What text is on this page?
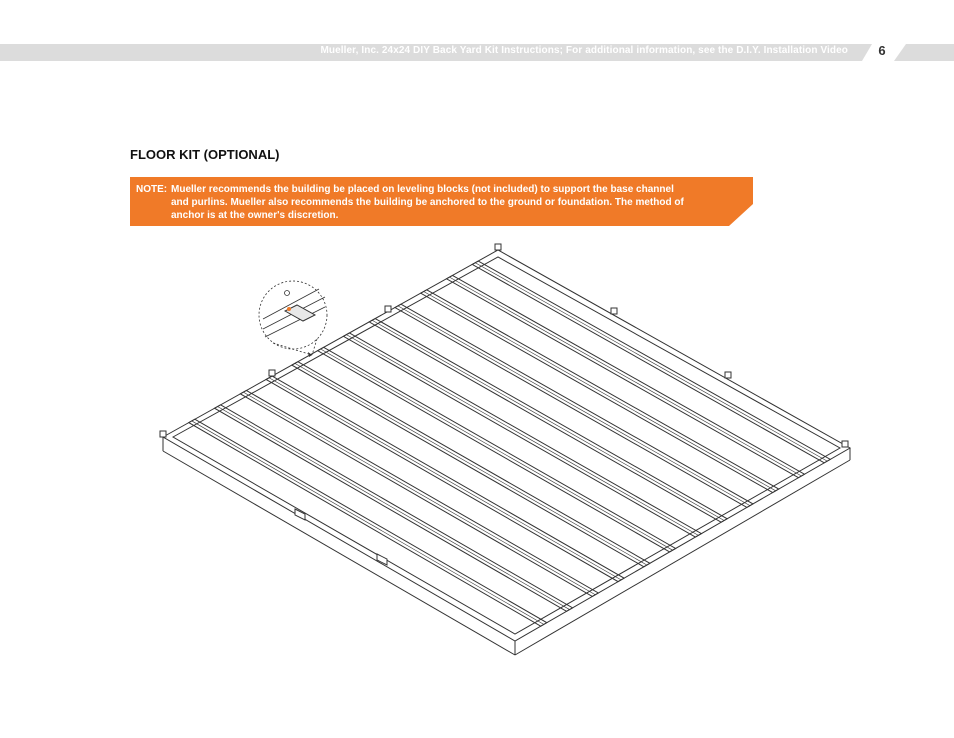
Mueller, Inc. 24x24 DIY Back Yard Kit Instructions; For additional information, see the D.I.Y. Installation Video	6
FLOOR KIT (OPTIONAL)
NOTE: Mueller recommends the building be placed on leveling blocks (not included) to support the base channel
and purlins. Mueller also recommends the building be anchored to the ground or foundation. The method of
anchor is at the owner's discretion.
